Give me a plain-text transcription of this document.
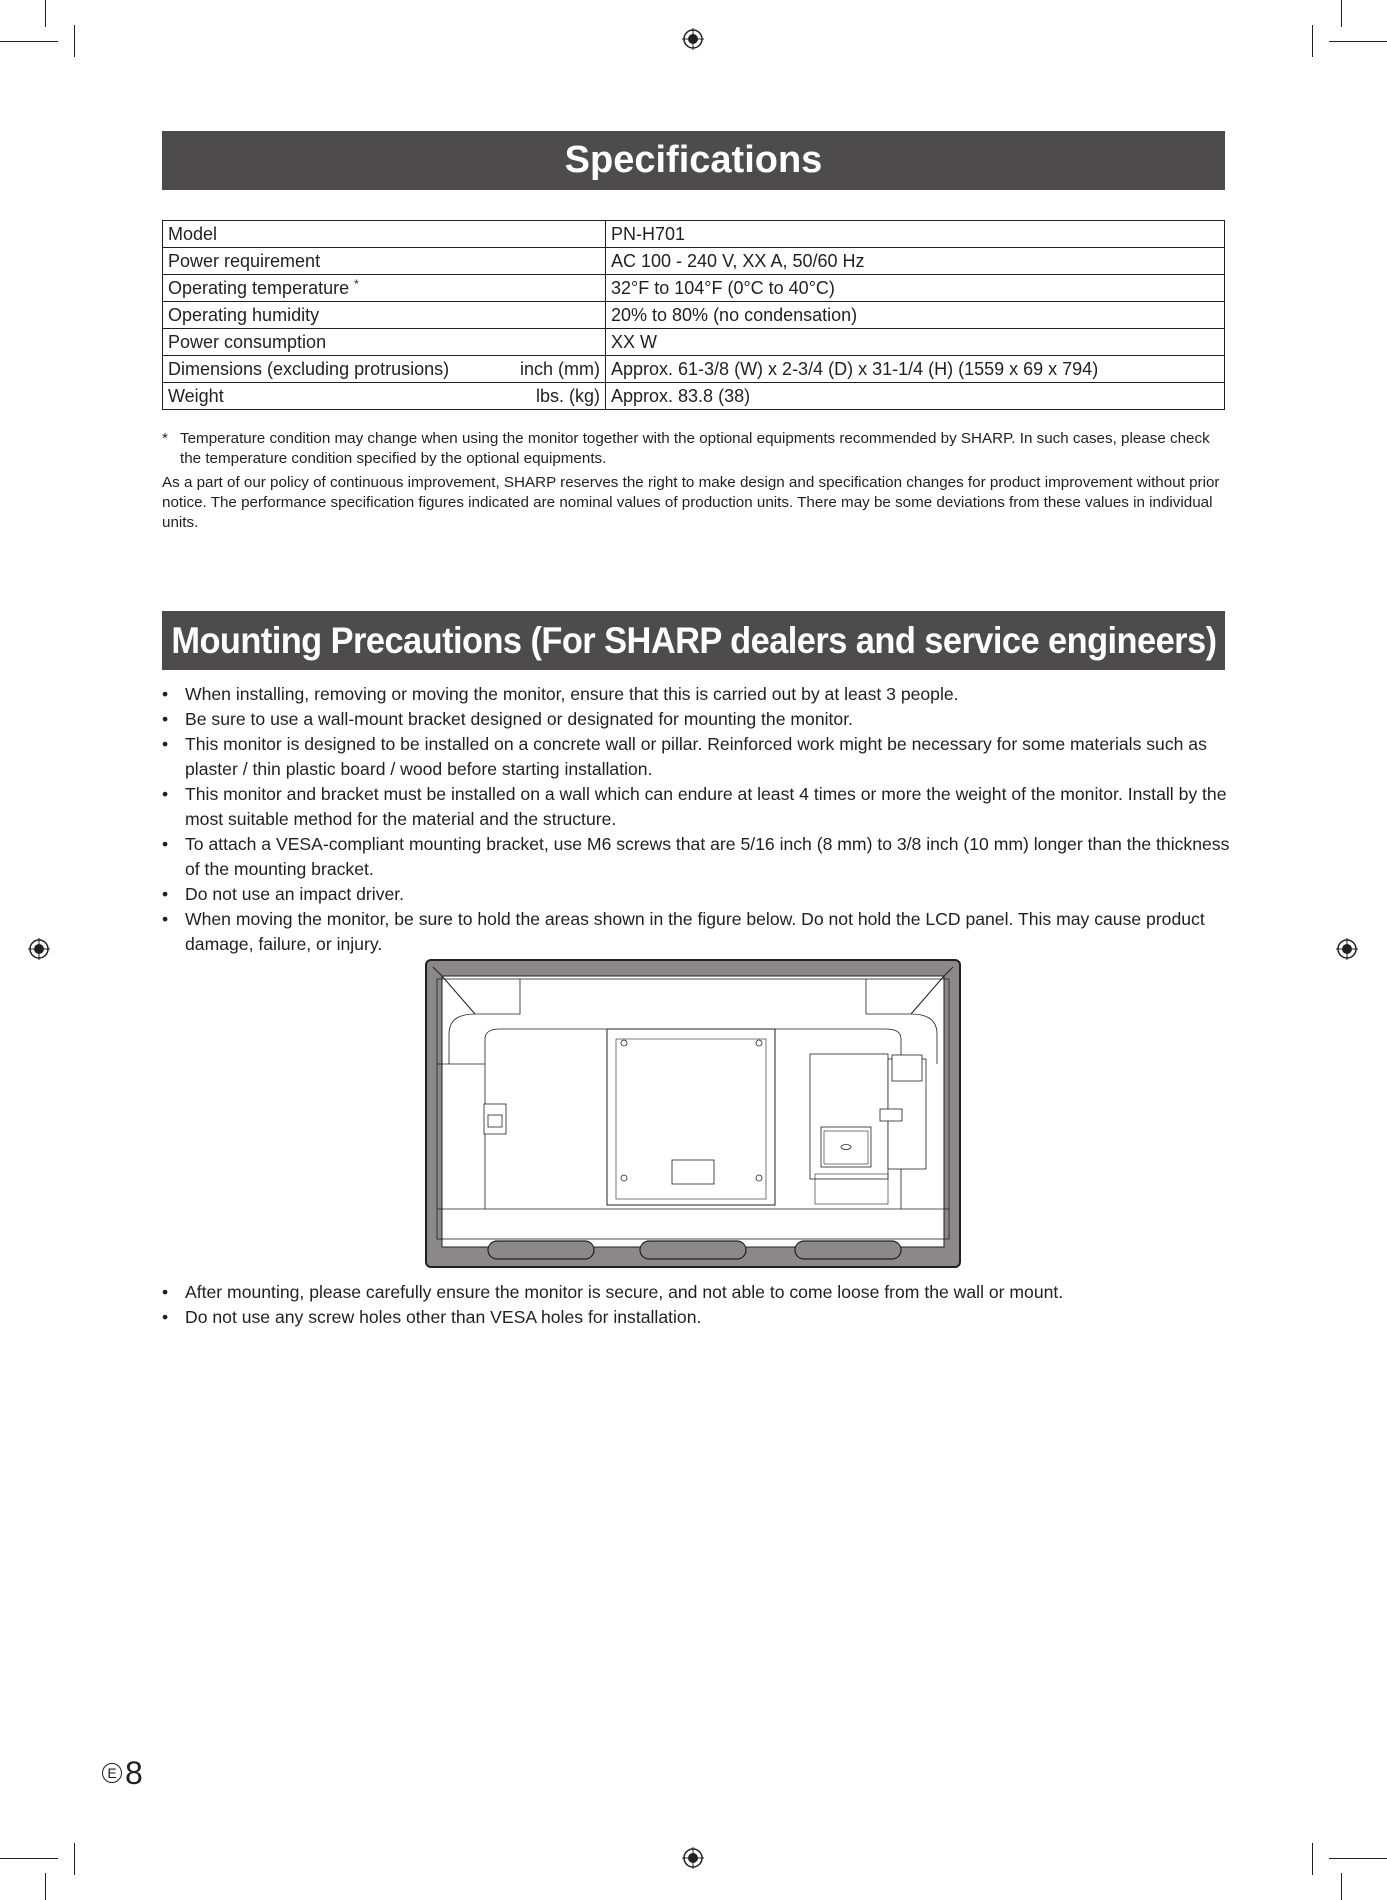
Specifications
Model	PN-H701
Power requirement	AC 100 - 240 V, XX A, 50/60 Hz
Operating temperature *	32°F to 104°F (0°C to 40°C)
Operating humidity	20% to 80% (no condensation)
Power consumption	XX W
Dimensions (excluding protrusions) inch (mm)	Approx. 61-3/8 (W) x 2-3/4 (D) x 31-1/4 (H) (1559 x 69 x 794)
Weight lbs. (kg)	Approx. 83.8 (38)
* Temperature condition may change when using the monitor together with the optional equipments recommended by SHARP. In such cases, please check the temperature condition specified by the optional equipments.
As a part of our policy of continuous improvement, SHARP reserves the right to make design and specification changes for product improvement without prior notice. The performance specification figures indicated are nominal values of production units. There may be some deviations from these values in individual units.
Mounting Precautions (For SHARP dealers and service engineers)
• When installing, removing or moving the monitor, ensure that this is carried out by at least 3 people.
• Be sure to use a wall-mount bracket designed or designated for mounting the monitor.
• This monitor is designed to be installed on a concrete wall or pillar. Reinforced work might be necessary for some materials such as plaster / thin plastic board / wood before starting installation.
• This monitor and bracket must be installed on a wall which can endure at least 4 times or more the weight of the monitor. Install by the most suitable method for the material and the structure.
• To attach a VESA-compliant mounting bracket, use M6 screws that are 5/16 inch (8 mm) to 3/8 inch (10 mm) longer than the thickness of the mounting bracket.
• Do not use an impact driver.
• When moving the monitor, be sure to hold the areas shown in the figure below. Do not hold the LCD panel. This may cause product damage, failure, or injury.
• After mounting, please carefully ensure the monitor is secure, and not able to come loose from the wall or mount.
• Do not use any screw holes other than VESA holes for installation.
E 8
